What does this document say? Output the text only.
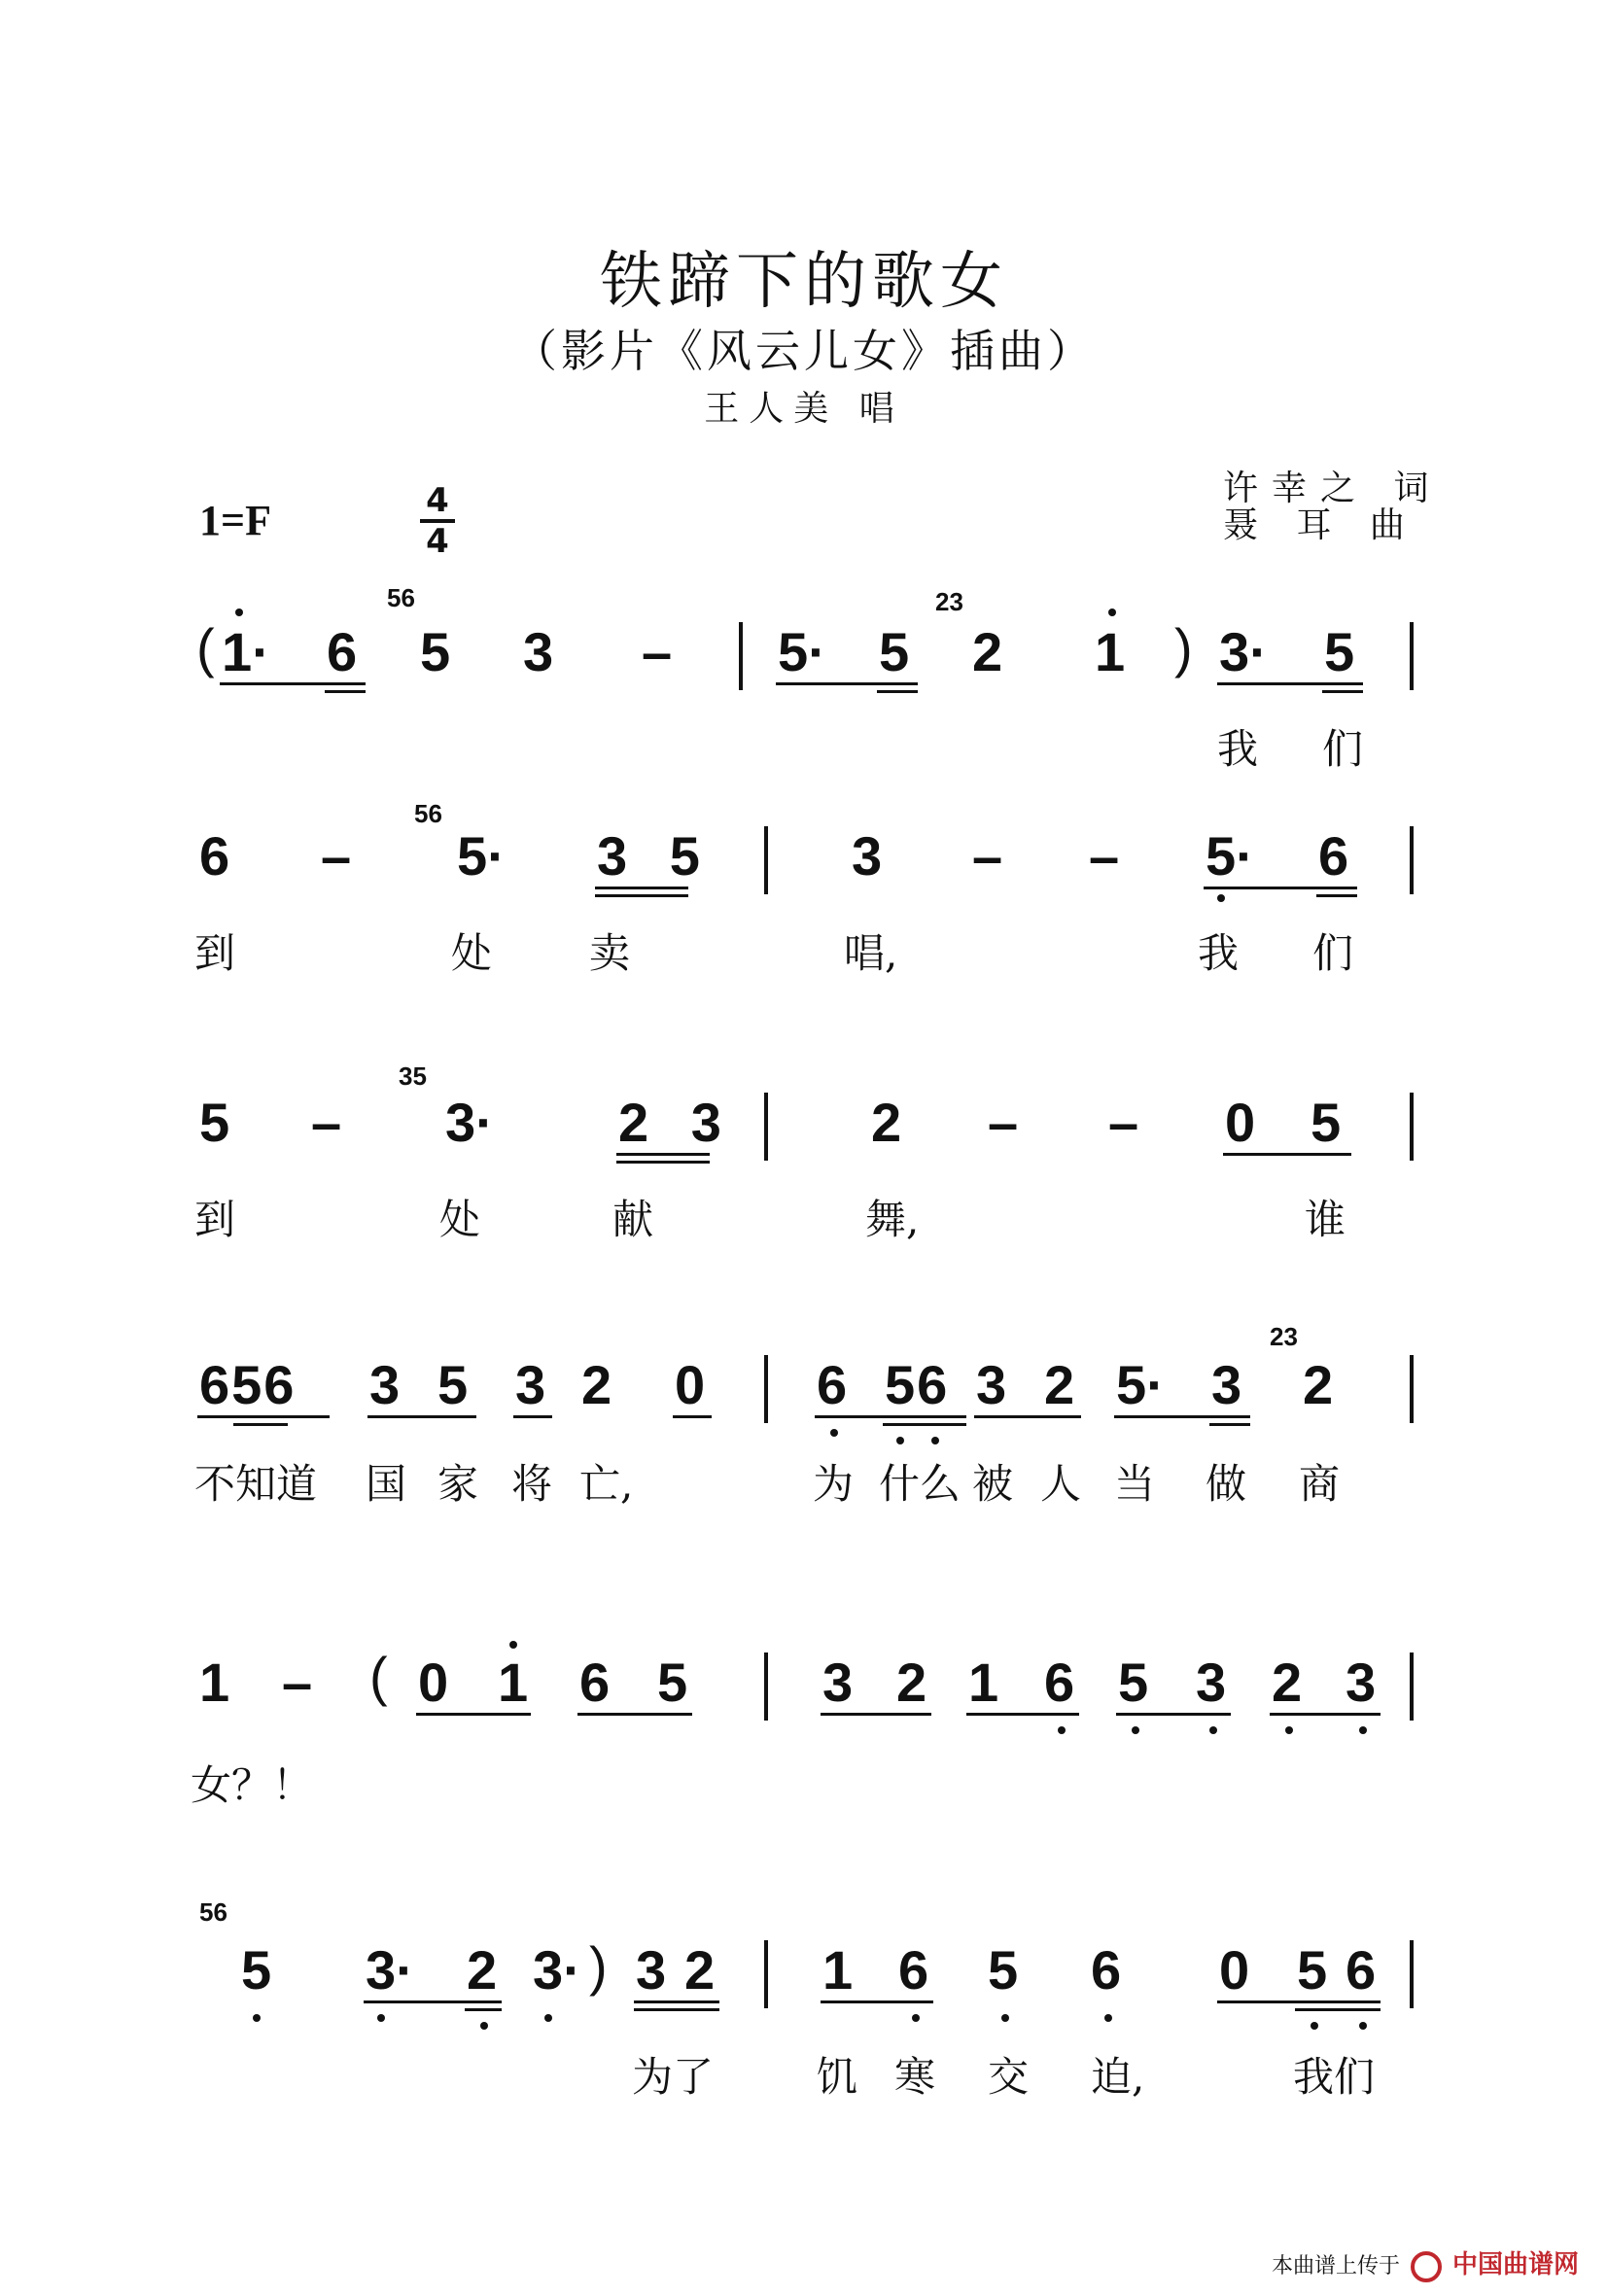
铁蹄下的歌女
（影片《风云儿女》插曲）
王人美 唱
许幸之 词
聂 耳 曲
1=F	4
4
( 1· 6
56
5 3 – 5· 5
23
2 1 ) 3· 5
我 们
6 –
56
5· 3 5	3 – – 5· 6
到	处 卖	唱,	我 们
5 –
35
3· 2 3	2 – – 0 5
到	处	献	舞,	谁
656 3 5 3 2 0 6 56 3 2 5· 3
23
2
不知道 国 家 将 亡,	为 什么 被 人 当 做 商
1 – ( 0 1 6 5 3 2 1 6 5 3 2 3
女？！
56
5 3· 2 3· ) 3 2 1 6 5 6 0 5 6
为了	饥 寒 交 迫,	我们
本曲谱上传于 中国曲谱网
